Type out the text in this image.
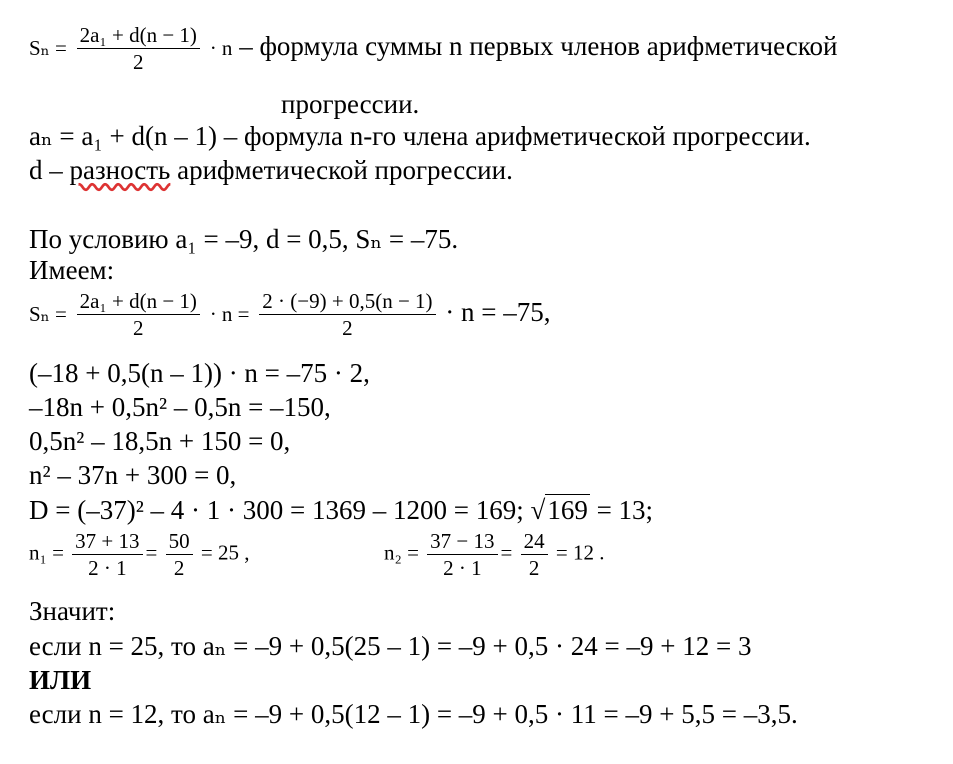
$S_n = \frac{\text{2a₁ + d(n − 1)}}{2} \cdot n$ – формула суммы n первых членов арифметической
прогрессии.
aₙ = a₁ + d(n – 1) – формула n-го члена арифметической прогрессии.
d – разность арифметической прогрессии.
По условию a₁ = –9, d = 0,5, Sₙ = –75.
Имеем:
$S_n = \frac{\text{2a₁ + d(n − 1)}}{2} \cdot n = \frac{2 \cdot (-9) + 0,5(n - 1)}{2} \cdot n = -75$,
(–18 + 0,5(n – 1)) · n = –75 · 2,
–18n + 0,5n² – 0,5n = –150,
0,5n² – 18,5n + 150 = 0,
n² – 37n + 300 = 0,
D = (–37)² – 4 · 1 · 300 = 1369 – 1200 = 169; √169 = 13;
$n_1 = \frac{37 + 13}{2 \cdot 1} = \frac{50}{2} = 25$ ,	$n_2 = \frac{37 - 13}{2 \cdot 1} = \frac{24}{2} = 12$ .
Значит:
если n = 25, то aₙ = –9 + 0,5(25 – 1) = –9 + 0,5 · 24 = –9 + 12 = 3
ИЛИ
если n = 12, то aₙ = –9 + 0,5(12 – 1) = –9 + 0,5 · 11 = –9 + 5,5 = –3,5.
